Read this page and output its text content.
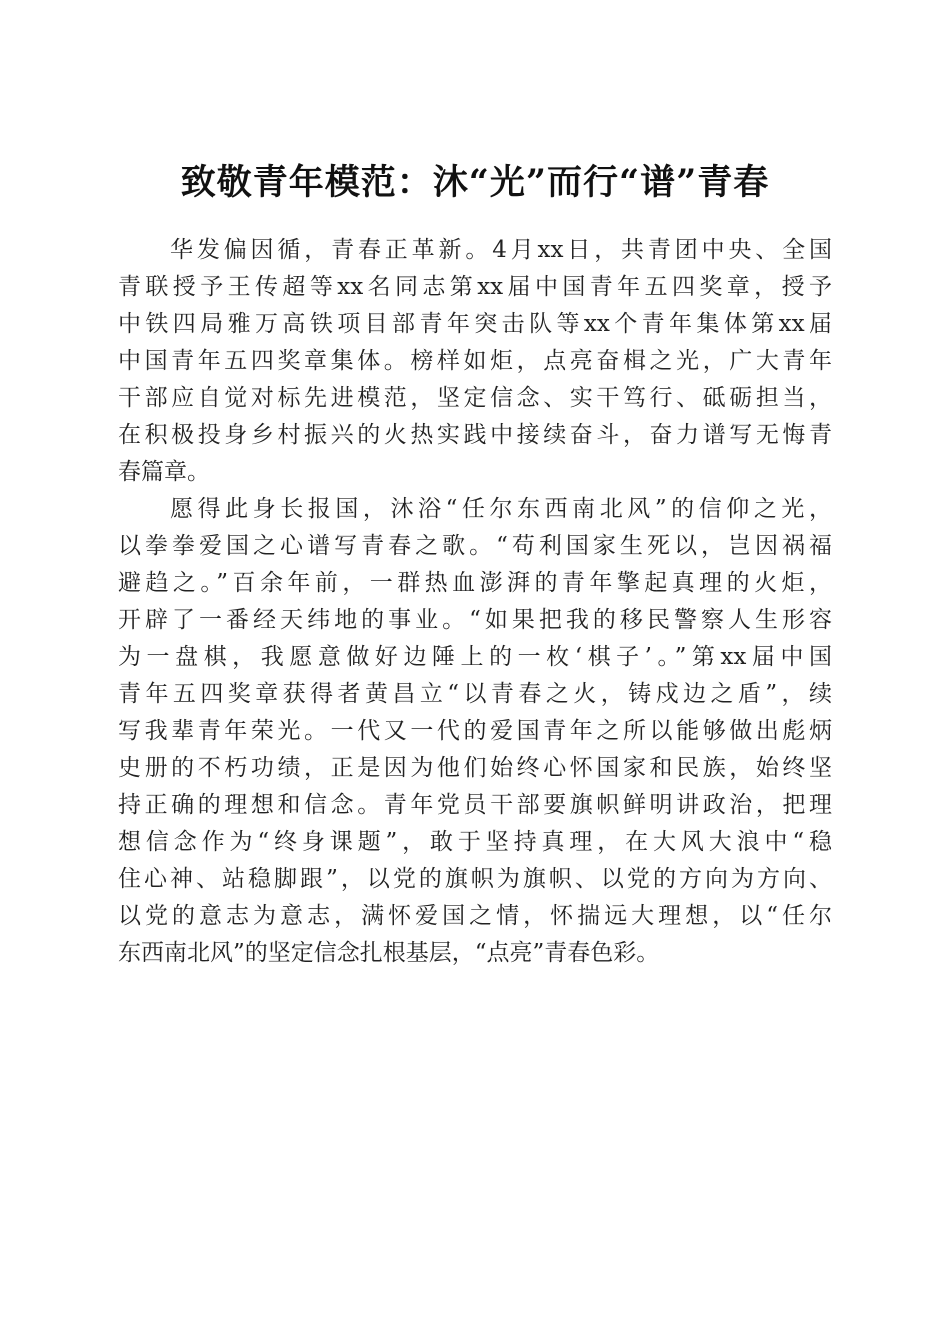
致敬青年模范：沐“光”而行“谱”青春

华发偏因循，青春正革新。4月xx日，共青团中央、全国
青联授予王传超等xx名同志第xx届中国青年五四奖章，授予
中铁四局雅万高铁项目部青年突击队等xx个青年集体第xx届
中国青年五四奖章集体。榜样如炬，点亮奋楫之光，广大青年
干部应自觉对标先进模范，坚定信念、实干笃行、砥砺担当，
在积极投身乡村振兴的火热实践中接续奋斗，奋力谱写无悔青
春篇章。

愿得此身长报国，沐浴“任尔东西南北风”的信仰之光，
以拳拳爱国之心谱写青春之歌。“苟利国家生死以，岂因祸福
避趋之。”百余年前，一群热血澎湃的青年擎起真理的火炬，
开辟了一番经天纬地的事业。“如果把我的移民警察人生形容
为一盘棋，我愿意做好边陲上的一枚‘棋子’。”第xx届中国
青年五四奖章获得者黄昌立“以青春之火，铸戍边之盾”，续
写我辈青年荣光。一代又一代的爱国青年之所以能够做出彪炳
史册的不朽功绩，正是因为他们始终心怀国家和民族，始终坚
持正确的理想和信念。青年党员干部要旗帜鲜明讲政治，把理
想信念作为“终身课题”，敢于坚持真理，在大风大浪中“稳
住心神、站稳脚跟”，以党的旗帜为旗帜、以党的方向为方向、
以党的意志为意志，满怀爱国之情，怀揣远大理想，以“任尔
东西南北风”的坚定信念扎根基层，“点亮”青春色彩。
